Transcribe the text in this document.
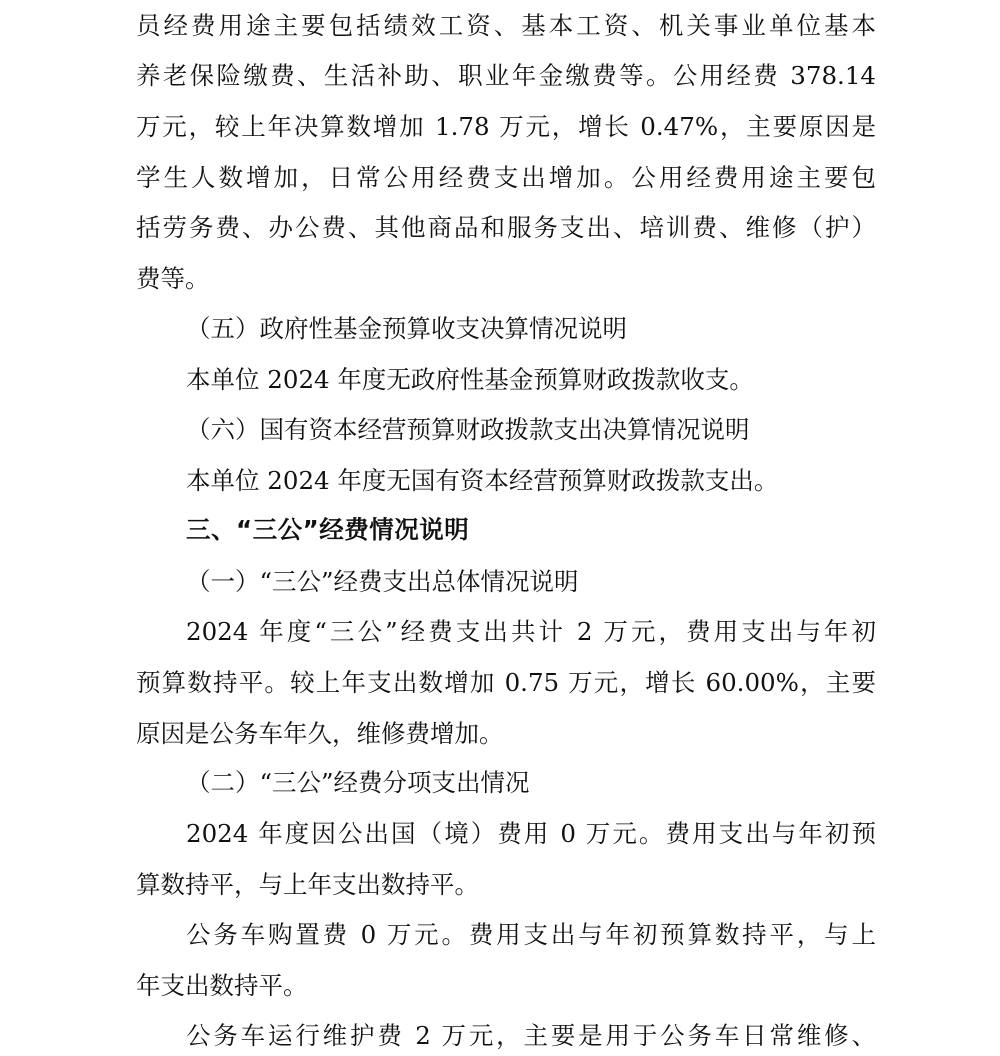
员经费用途主要包括绩效工资、基本工资、机关事业单位基本
养老保险缴费、生活补助、职业年金缴费等。公用经费 378.14
万元，较上年决算数增加 1.78 万元，增长 0.47%，主要原因是
学生人数增加，日常公用经费支出增加。公用经费用途主要包
括劳务费、办公费、其他商品和服务支出、培训费、维修（护）
费等。
（五）政府性基金预算收支决算情况说明
本单位 2024 年度无政府性基金预算财政拨款收支。
（六）国有资本经营预算财政拨款支出决算情况说明
本单位 2024 年度无国有资本经营预算财政拨款支出。
三、“三公”经费情况说明
（一）“三公”经费支出总体情况说明
2024 年度“三公”经费支出共计 2 万元，费用支出与年初
预算数持平。较上年支出数增加 0.75 万元，增长 60.00%，主要
原因是公务车年久，维修费增加。
（二）“三公”经费分项支出情况
2024 年度因公出国（境）费用 0 万元。费用支出与年初预
算数持平，与上年支出数持平。
公务车购置费 0 万元。费用支出与年初预算数持平，与上
年支出数持平。
公务车运行维护费 2 万元，主要是用于公务车日常维修、
